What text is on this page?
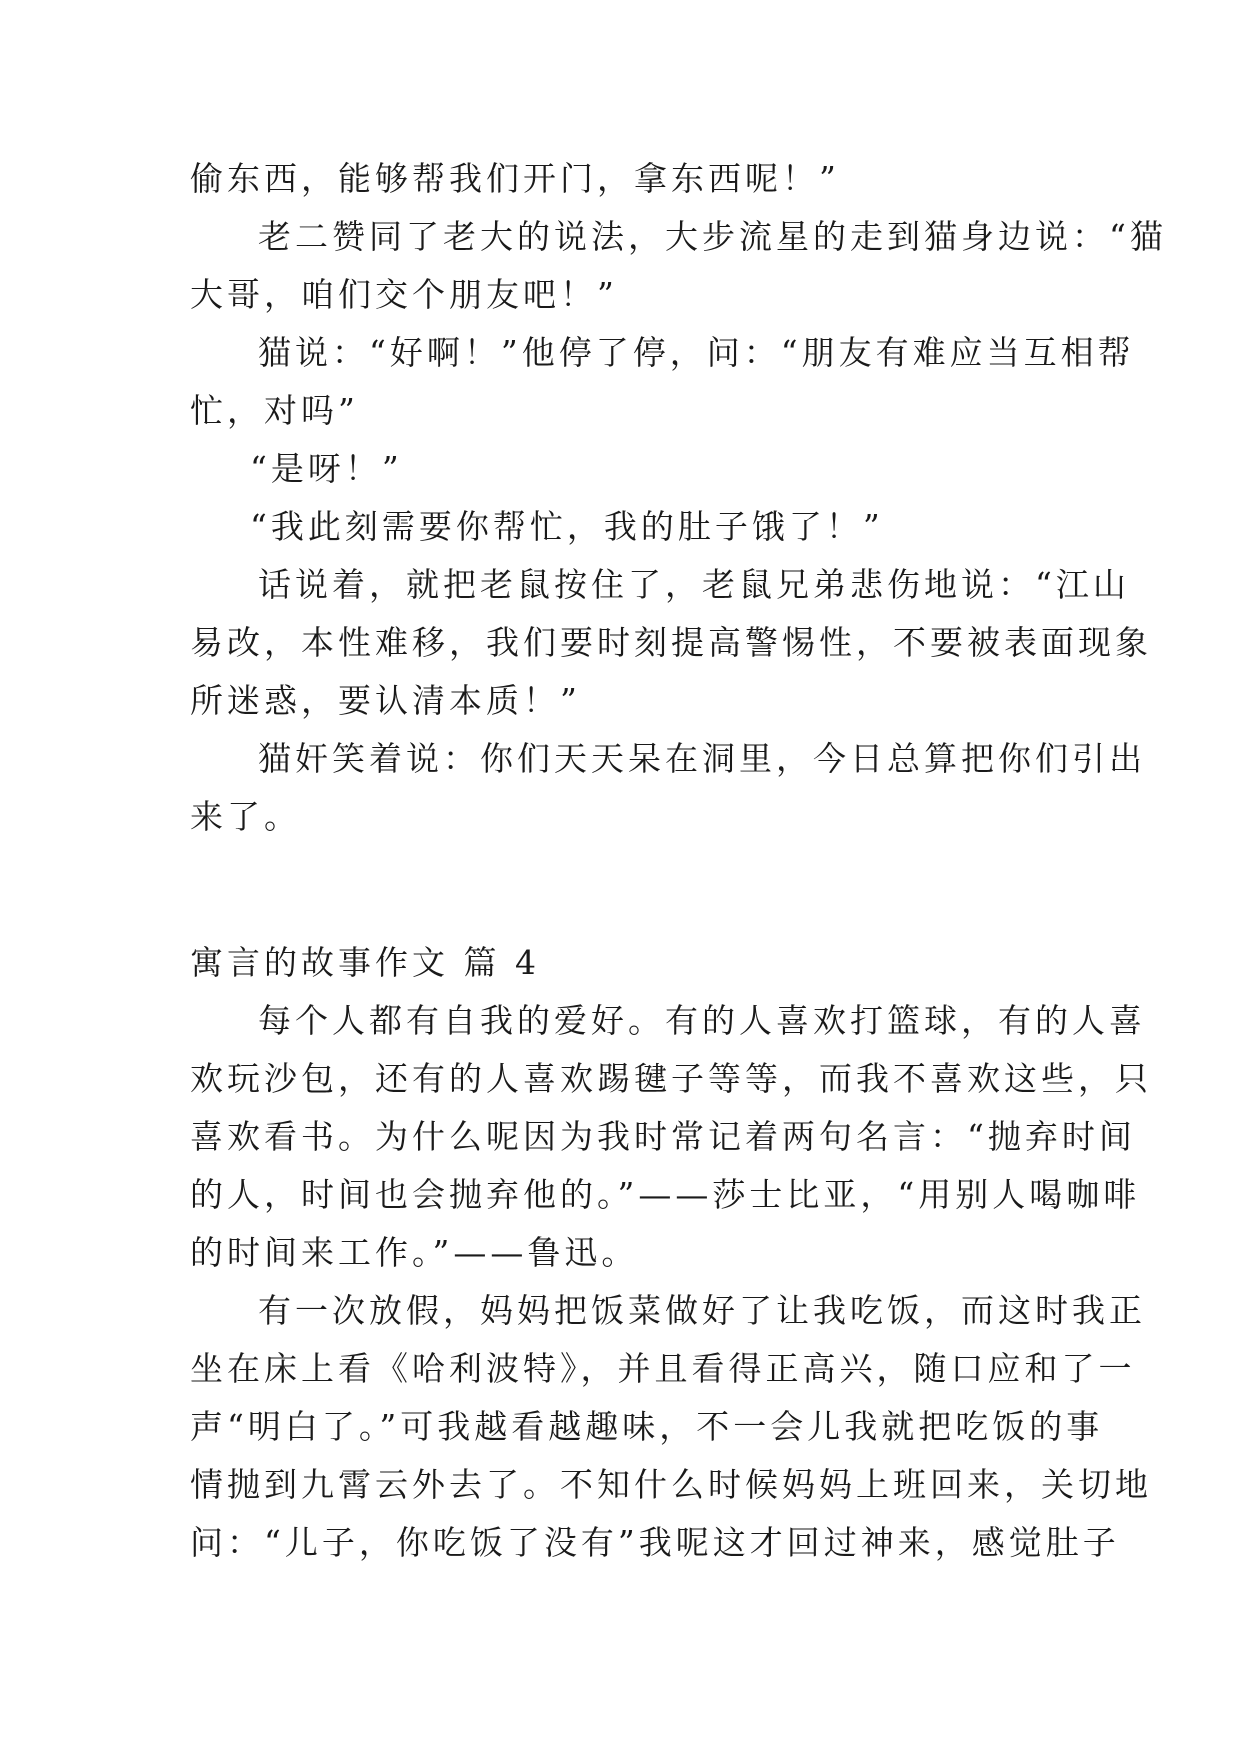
偷东西，能够帮我们开门，拿东西呢！”
老二赞同了老大的说法，大步流星的走到猫身边说：“猫
大哥，咱们交个朋友吧！”
猫说：“好啊！”他停了停，问：“朋友有难应当互相帮
忙，对吗”
“是呀！”
“我此刻需要你帮忙，我的肚子饿了！”
话说着，就把老鼠按住了，老鼠兄弟悲伤地说：“江山
易改，本性难移，我们要时刻提高警惕性，不要被表面现象
所迷惑，要认清本质！”
猫奸笑着说：你们天天呆在洞里，今日总算把你们引出
来了。
寓言的故事作文 篇 4
每个人都有自我的爱好。有的人喜欢打篮球，有的人喜
欢玩沙包，还有的人喜欢踢毽子等等，而我不喜欢这些，只
喜欢看书。为什么呢因为我时常记着两句名言：“抛弃时间
的人，时间也会抛弃他的。”——莎士比亚，“用别人喝咖啡
的时间来工作。”——鲁迅。
有一次放假，妈妈把饭菜做好了让我吃饭，而这时我正
坐在床上看《哈利波特》，并且看得正高兴，随口应和了一
声“明白了。”可我越看越趣味，不一会儿我就把吃饭的事
情抛到九霄云外去了。不知什么时候妈妈上班回来，关切地
问：“儿子，你吃饭了没有”我呢这才回过神来，感觉肚子
